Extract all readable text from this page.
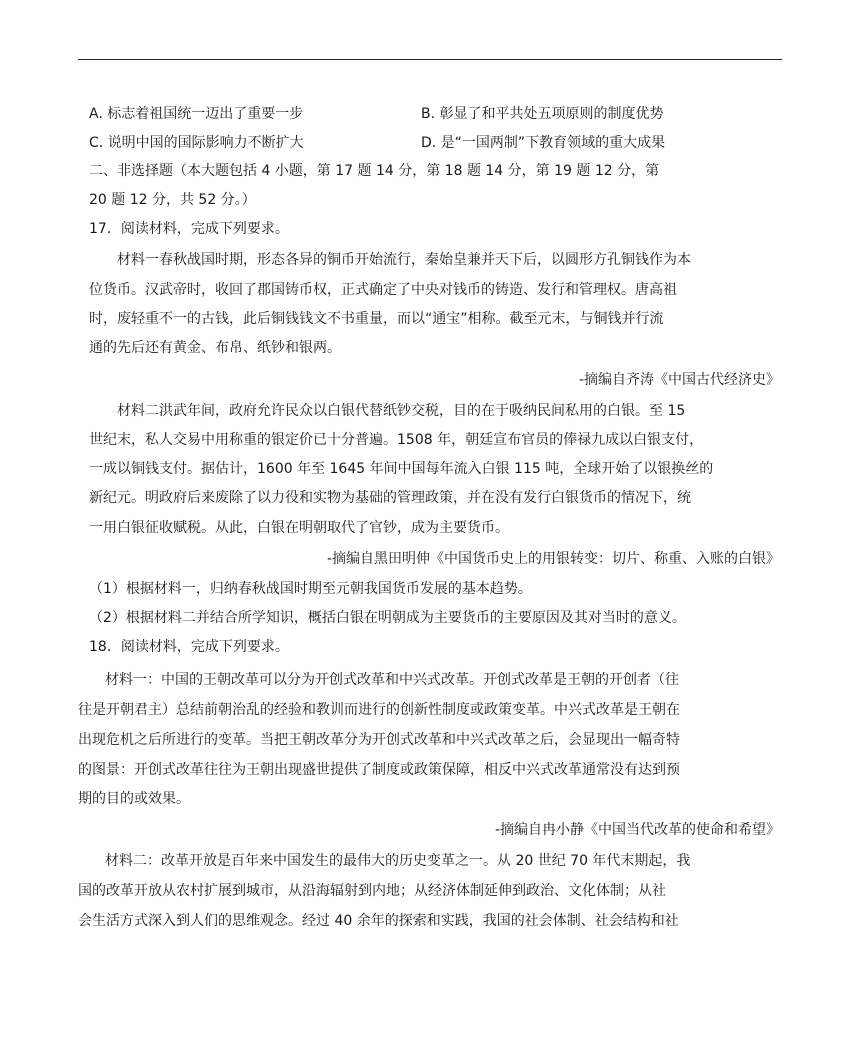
A. 标志着祖国统一迈出了重要一步	B. 彰显了和平共处五项原则的制度优势
C. 说明中国的国际影响力不断扩大	D. 是“一国两制”下教育领域的重大成果
二、非选择题（本大题包括 4 小题，第 17 题 14 分，第 18 题 14 分，第 19 题 12 分，第
20 题 12 分，共 52 分。）
17．阅读材料，完成下列要求。
材料一春秋战国时期，形态各异的铜币开始流行，秦始皇兼并天下后，以圆形方孔铜钱作为本
位货币。汉武帝时，收回了郡国铸币权，正式确定了中央对钱币的铸造、发行和管理权。唐高祖
时，废轻重不一的古钱，此后铜钱钱文不书重量，而以“通宝”相称。截至元末，与铜钱并行流
通的先后还有黄金、布帛、纸钞和银两。
-摘编自齐涛《中国古代经济史》
材料二洪武年间，政府允许民众以白银代替纸钞交税，目的在于吸纳民间私用的白银。至 15
世纪末，私人交易中用称重的银定价已十分普遍。1508 年，朝廷宣布官员的俸禄九成以白银支付，
一成以铜钱支付。据估计，1600 年至 1645 年间中国每年流入白银 115 吨，全球开始了以银换丝的
新纪元。明政府后来废除了以力役和实物为基础的管理政策，并在没有发行白银货币的情况下，统
一用白银征收赋税。从此，白银在明朝取代了官钞，成为主要货币。
-摘编自黑田明伸《中国货币史上的用银转变：切片、称重、入账的白银》
（1）根据材料一，归纳春秋战国时期至元朝我国货币发展的基本趋势。
（2）根据材料二并结合所学知识，概括白银在明朝成为主要货币的主要原因及其对当时的意义。
18．阅读材料，完成下列要求。
材料一：中国的王朝改革可以分为开创式改革和中兴式改革。开创式改革是王朝的开创者（往
往是开朝君主）总结前朝治乱的经验和教训而进行的创新性制度或政策变革。中兴式改革是王朝在
出现危机之后所进行的变革。当把王朝改革分为开创式改革和中兴式改革之后，会显现出一幅奇特
的图景：开创式改革往往为王朝出现盛世提供了制度或政策保障，相反中兴式改革通常没有达到预
期的目的或效果。
-摘编自冉小静《中国当代改革的使命和希望》
材料二：改革开放是百年来中国发生的最伟大的历史变革之一。从 20 世纪 70 年代末期起，我
国的改革开放从农村扩展到城市，从沿海辐射到内地；从经济体制延伸到政治、文化体制；从社
会生活方式深入到人们的思维观念。经过 40 余年的探索和实践，我国的社会体制、社会结构和社
